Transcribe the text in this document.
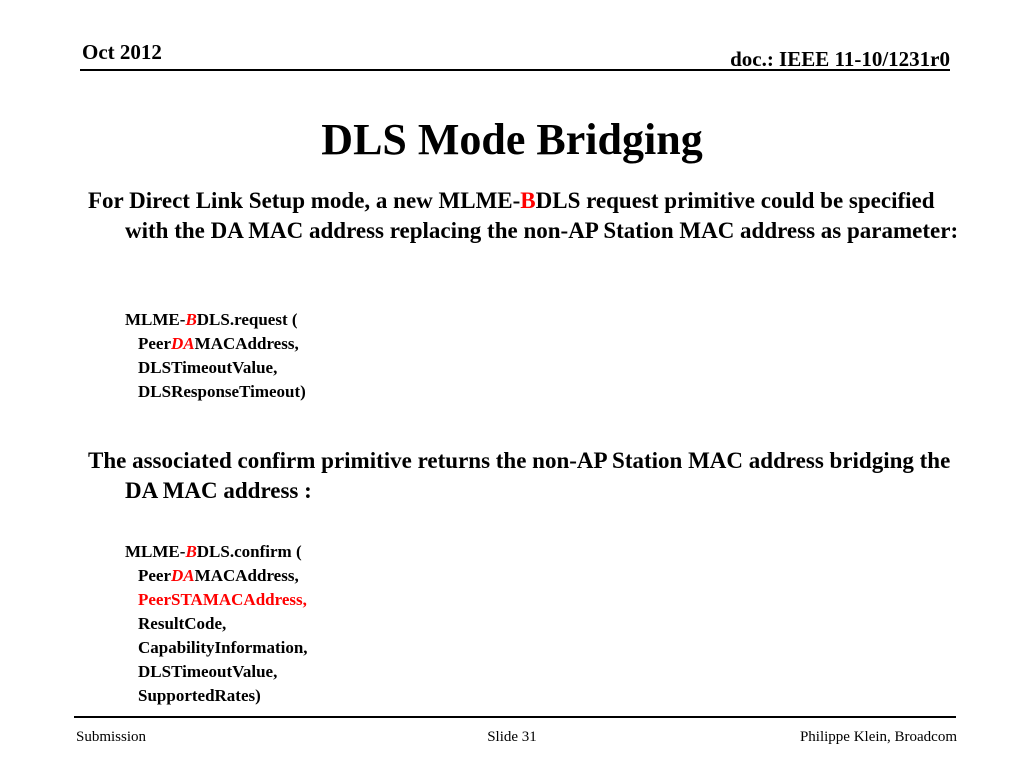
Oct 2012	doc.: IEEE 11-10/1231r0
DLS Mode Bridging
For Direct Link Setup mode, a new MLME-BDLS request primitive could be specified with the DA MAC address replacing the non-AP Station MAC address as parameter:
MLME-BDLS.request (
PeerDAMACAddress,
DLSTimeoutValue,
DLSResponseTimeout)
The associated confirm primitive returns the non-AP Station MAC address bridging the DA MAC address :
MLME-BDLS.confirm (
PeerDAMACAddress,
PeerSTAMACAddress,
ResultCode,
CapabilityInformation,
DLSTimeoutValue,
SupportedRates)
Submission	Slide 31	Philippe Klein, Broadcom
